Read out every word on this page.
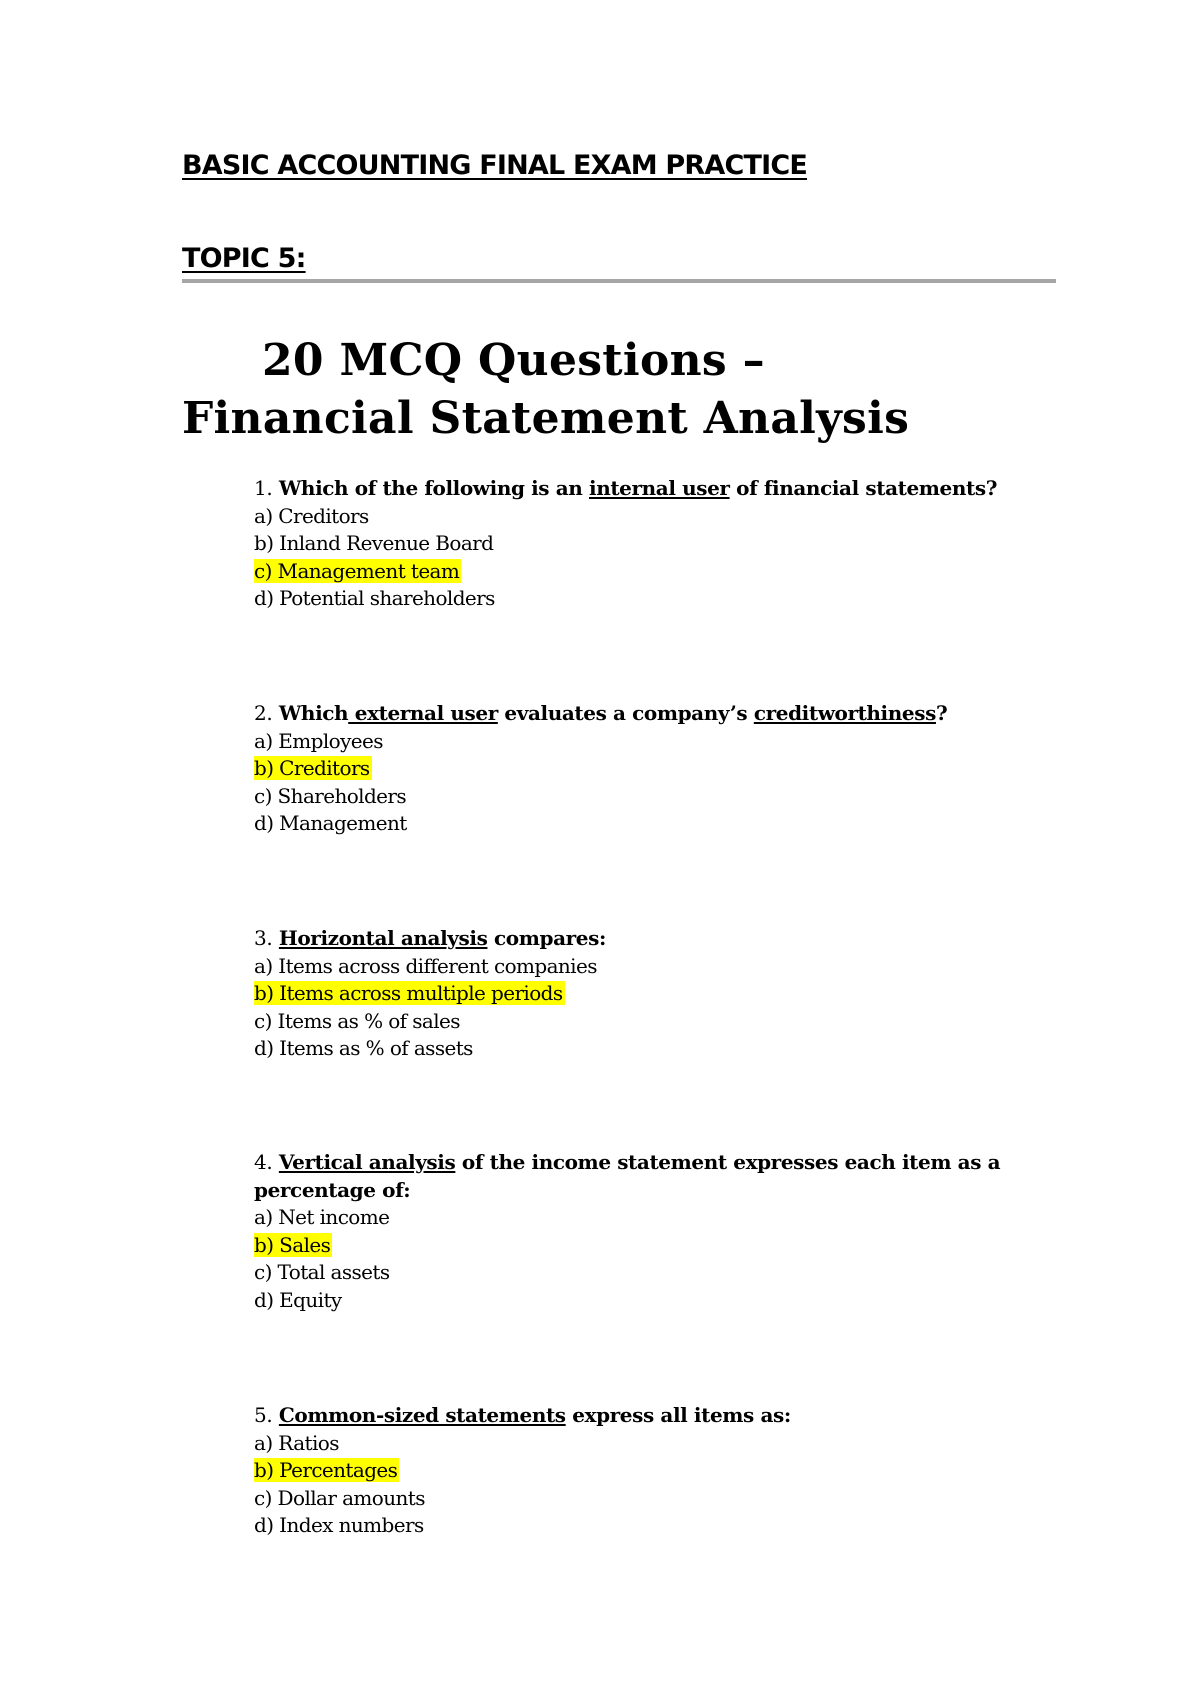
BASIC ACCOUNTING FINAL EXAM PRACTICE
TOPIC 5:
20 MCQ Questions –
Financial Statement Analysis
1. Which of the following is an internal user of financial statements?
a) Creditors
b) Inland Revenue Board
c) Management team
d) Potential shareholders
2. Which external user evaluates a company’s creditworthiness?
a) Employees
b) Creditors
c) Shareholders
d) Management
3. Horizontal analysis compares:
a) Items across different companies
b) Items across multiple periods
c) Items as % of sales
d) Items as % of assets
4. Vertical analysis of the income statement expresses each item as a percentage of:
a) Net income
b) Sales
c) Total assets
d) Equity
5. Common-sized statements express all items as:
a) Ratios
b) Percentages
c) Dollar amounts
d) Index numbers
